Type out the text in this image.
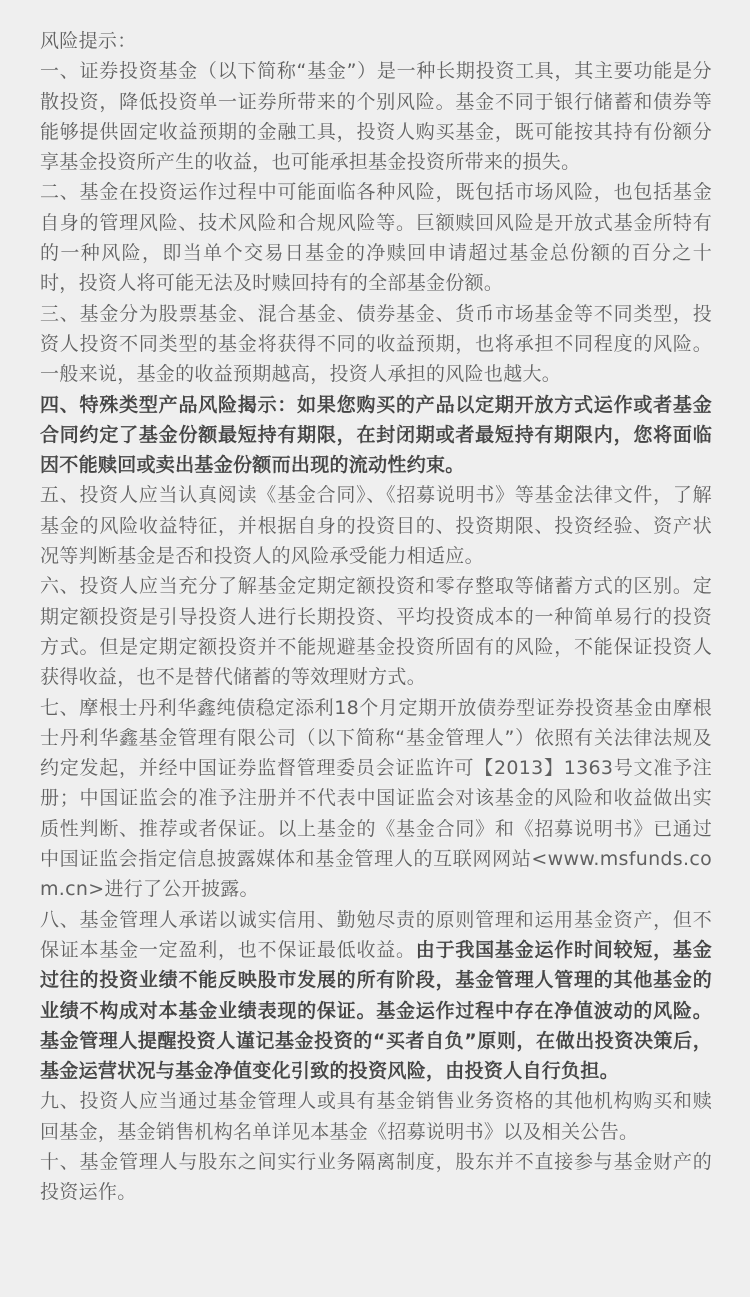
风险提示：

一、证券投资基金（以下简称“基金”）是一种长期投资工具，其主要功能是分散投资，降低投资单一证券所带来的个别风险。基金不同于银行储蓄和债券等能够提供固定收益预期的金融工具，投资人购买基金，既可能按其持有份额分享基金投资所产生的收益，也可能承担基金投资所带来的损失。

二、基金在投资运作过程中可能面临各种风险，既包括市场风险，也包括基金自身的管理风险、技术风险和合规风险等。巨额赎回风险是开放式基金所特有的一种风险，即当单个交易日基金的净赎回申请超过基金总份额的百分之十时，投资人将可能无法及时赎回持有的全部基金份额。

三、基金分为股票基金、混合基金、债券基金、货币市场基金等不同类型，投资人投资不同类型的基金将获得不同的收益预期，也将承担不同程度的风险。一般来说，基金的收益预期越高，投资人承担的风险也越大。

四、特殊类型产品风险揭示：如果您购买的产品以定期开放方式运作或者基金合同约定了基金份额最短持有期限，在封闭期或者最短持有期限内，您将面临因不能赎回或卖出基金份额而出现的流动性约束。

五、投资人应当认真阅读《基金合同》、《招募说明书》等基金法律文件，了解基金的风险收益特征，并根据自身的投资目的、投资期限、投资经验、资产状况等判断基金是否和投资人的风险承受能力相适应。

六、投资人应当充分了解基金定期定额投资和零存整取等储蓄方式的区别。定期定额投资是引导投资人进行长期投资、平均投资成本的一种简单易行的投资方式。但是定期定额投资并不能规避基金投资所固有的风险，不能保证投资人获得收益，也不是替代储蓄的等效理财方式。

七、摩根士丹利华鑫纯债稳定添利18个月定期开放债券型证券投资基金由摩根士丹利华鑫基金管理有限公司（以下简称“基金管理人”）依照有关法律法规及约定发起，并经中国证券监督管理委员会证监许可【2013】1363号文准予注册；中国证监会的准予注册并不代表中国证监会对该基金的风险和收益做出实质性判断、推荐或者保证。以上基金的《基金合同》和《招募说明书》已通过中国证监会指定信息披露媒体和基金管理人的互联网网站<www.msfunds.com.cn>进行了公开披露。

八、基金管理人承诺以诚实信用、勤勉尽责的原则管理和运用基金资产，但不保证本基金一定盈利，也不保证最低收益。由于我国基金运作时间较短，基金过往的投资业绩不能反映股市发展的所有阶段，基金管理人管理的其他基金的业绩不构成对本基金业绩表现的保证。基金运作过程中存在净值波动的风险。基金管理人提醒投资人谨记基金投资的“买者自负”原则，在做出投资决策后，基金运营状况与基金净值变化引致的投资风险，由投资人自行负担。

九、投资人应当通过基金管理人或具有基金销售业务资格的其他机构购买和赎回基金，基金销售机构名单详见本基金《招募说明书》以及相关公告。

十、基金管理人与股东之间实行业务隔离制度，股东并不直接参与基金财产的投资运作。
